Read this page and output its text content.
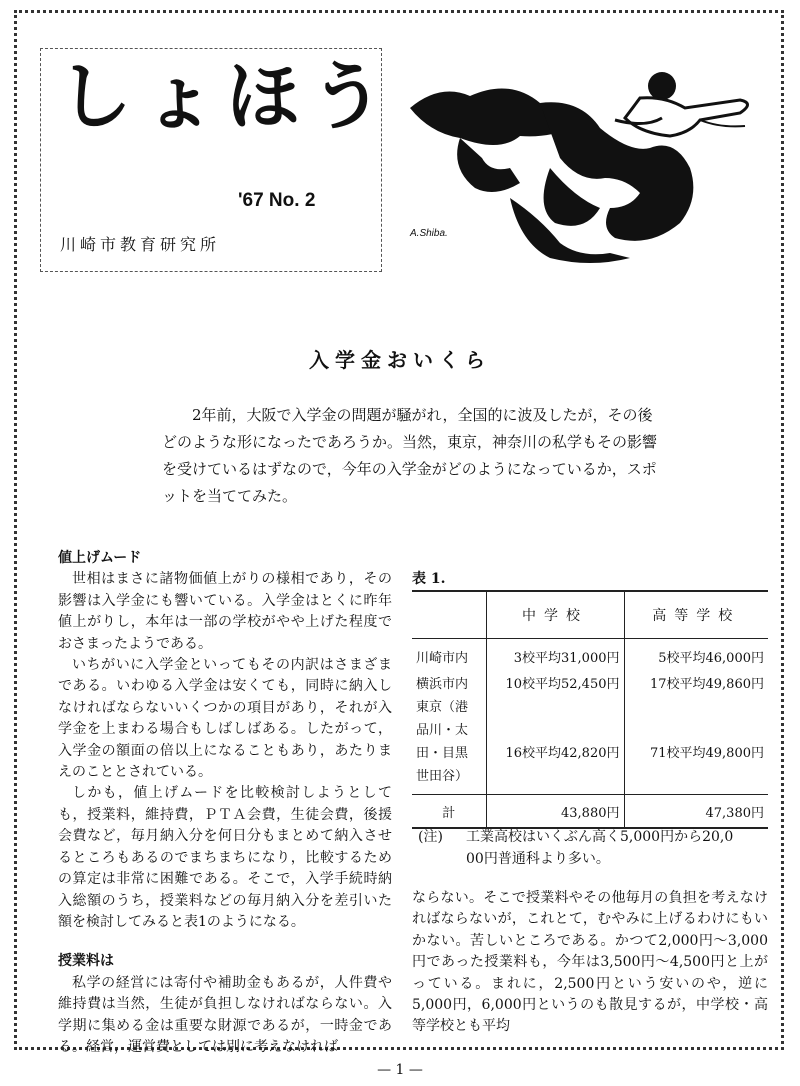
しょほう
'67 No. 2
川崎市教育研究所
A.Shiba.
入学金おいくら

2年前，大阪で入学金の問題が騒がれ，全国的に波及したが，その後どのような形になったであろうか。当然，東京，神奈川の私学もその影響を受けているはずなので，今年の入学金がどのようになっているか，スポットを当ててみた。

値上げムード

世相はまさに諸物価値上がりの様相であり，その影響は入学金にも響いている。入学金はとくに昨年値上がりし，本年は一部の学校がやや上げた程度でおさまったようである。

いちがいに入学金といってもその内訳はさまざまである。いわゆる入学金は安くても，同時に納入しなければならないいくつかの項目があり，それが入学金を上まわる場合もしばしばある。したがって，入学金の額面の倍以上になることもあり，あたりまえのこととされている。

しかも，値上げムードを比較検討しようとしても，授業料，維持費，ＰＴＡ会費，生徒会費，後援会費など，毎月納入分を何日分もまとめて納入させるところもあるのでまちまちになり，比較するための算定は非常に困難である。そこで，入学手続時納入総額のうち，授業料などの毎月納入分を差引いた額を検討してみると表1のようになる。

授業料は

私学の経営には寄付や補助金もあるが，人件費や維持費は当然，生徒が負担しなければならない。入学期に集める金は重要な財源であるが，一時金である。経営，運営費としては別に考えなければ

表 1.
	中学校	高等学校
川崎市内	3校平均31,000円	5校平均46,000円
横浜市内	10校平均52,450円	17校平均49,860円
東京（港		
品川・太		
田・目黒	16校平均42,820円	71校平均49,800円
世田谷）		
計	43,880円	47,380円
(注) 工業高校はいくぶん高く5,000円から20,0
00円普通科より多い。

ならない。そこで授業料やその他毎月の負担を考えなければならないが，これとて，むやみに上げるわけにもいかない。苦しいところである。かつて2,000円～3,000円であった授業料も，今年は3,500円～4,500円と上がっている。まれに，2,500円という安いのや，逆に5,000円，6,000円というのも散見するが，中学校・高等学校とも平均

— 1 —
